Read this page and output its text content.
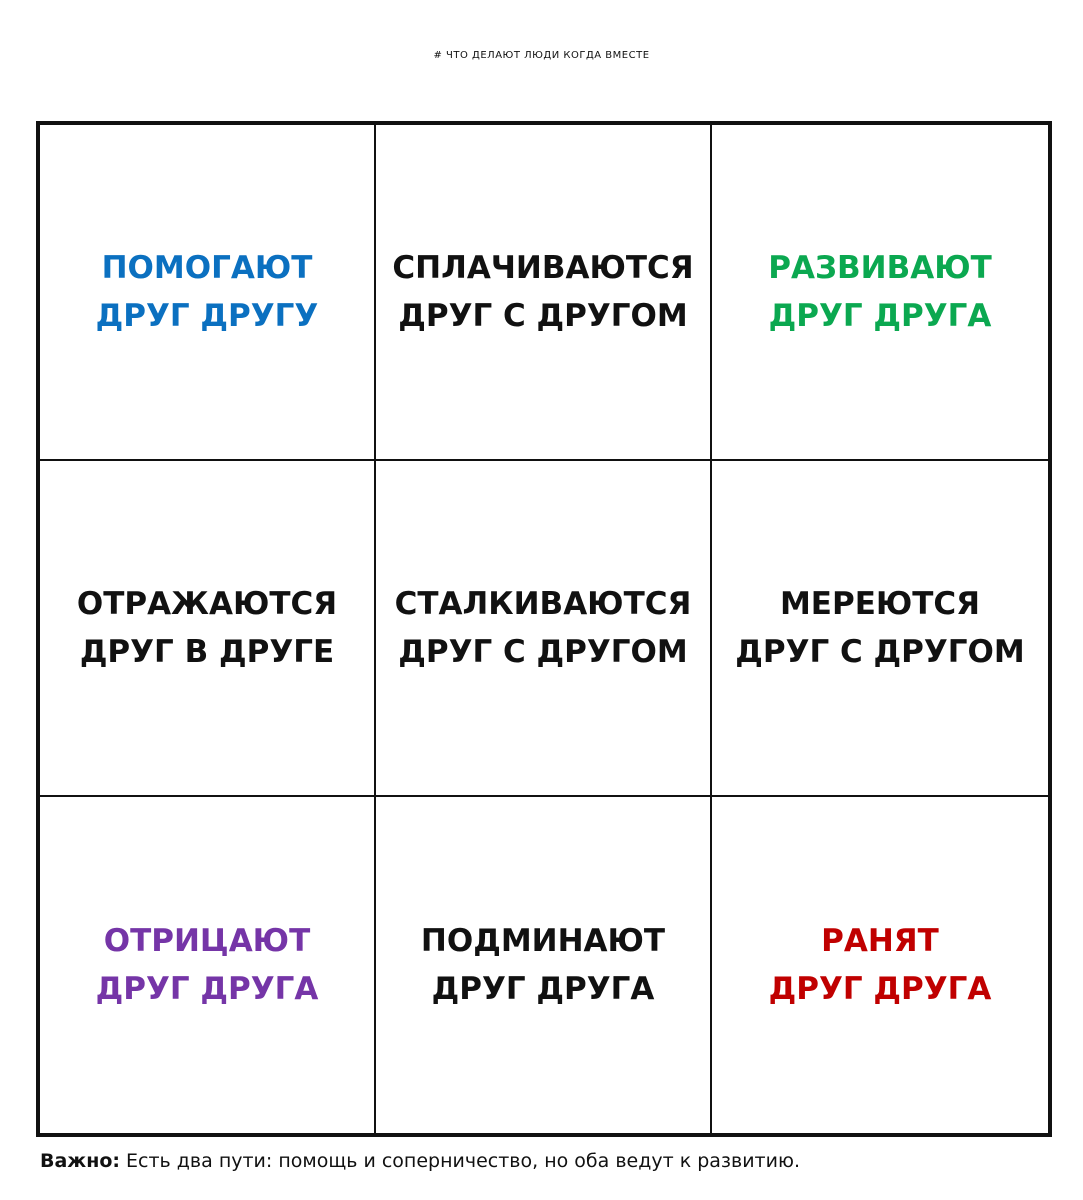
# ЧТО ДЕЛАЮТ ЛЮДИ КОГДА ВМЕСТЕ
ПОМОГАЮТ
ДРУГ ДРУГУ
СПЛАЧИВАЮТСЯ
ДРУГ С ДРУГОМ
РАЗВИВАЮТ
ДРУГ ДРУГА
ОТРАЖАЮТСЯ
ДРУГ В ДРУГЕ
СТАЛКИВАЮТСЯ
ДРУГ С ДРУГОМ
МЕРЕЮТСЯ
ДРУГ С ДРУГОМ
ОТРИЦАЮТ
ДРУГ ДРУГА
ПОДМИНАЮТ
ДРУГ ДРУГА
РАНЯТ
ДРУГ ДРУГА
Важно: Есть два пути: помощь и соперничество, но оба ведут к развитию.
